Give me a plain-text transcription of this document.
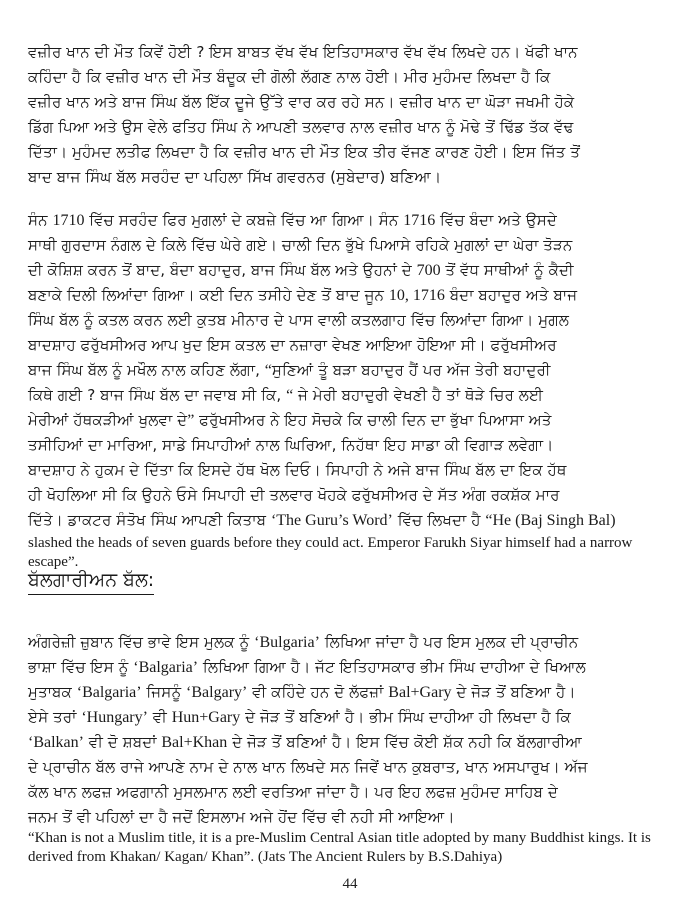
ਵਜ਼ੀਰ ਖਾਨ ਦੀ ਮੌਤ ਕਿਵੇਂ ਹੋਈ ? ਇਸ ਬਾਬਤ ਵੱਖ ਵੱਖ ਇਤਿਹਾਸਕਾਰ ਵੱਖ ਵੱਖ ਲਿਖਦੇ ਹਨ। ਖੱਫੀ ਖਾਨ
ਕਹਿੰਦਾ ਹੈ ਕਿ ਵਜ਼ੀਰ ਖਾਨ ਦੀ ਮੌਤ ਬੰਦੂਕ ਦੀ ਗੋਲੀ ਲੱਗਣ ਨਾਲ ਹੋਈ। ਮੀਰ ਮੁਹੰਮਦ ਲਿਖਦਾ ਹੈ ਕਿ
ਵਜ਼ੀਰ ਖਾਨ ਅਤੇ ਬਾਜ ਸਿੰਘ ਬੱਲ ਇੱਕ ਦੂਜੇ ਉੱਤੇ ਵਾਰ ਕਰ ਰਹੇ ਸਨ। ਵਜ਼ੀਰ ਖਾਨ ਦਾ ਘੋੜਾ ਜਖਮੀ ਹੋਕੇ
ਡਿੱਗ ਪਿਆ ਅਤੇ ਉਸ ਵੇਲੇ ਫਤਿਹ ਸਿੰਘ ਨੇ ਆਪਣੀ ਤਲਵਾਰ ਨਾਲ ਵਜ਼ੀਰ ਖਾਨ ਨੂੰ ਮੋਢੇ ਤੋਂ ਢਿੱਡ ਤੱਕ ਵੱਢ
ਦਿੱਤਾ। ਮੁਹੰਮਦ ਲਤੀਫ ਲਿਖਦਾ ਹੈ ਕਿ ਵਜ਼ੀਰ ਖਾਨ ਦੀ ਮੌਤ ਇਕ ਤੀਰ ਵੱਜਣ ਕਾਰਣ ਹੋਈ। ਇਸ ਜਿੱਤ ਤੋਂ
ਬਾਦ ਬਾਜ ਸਿੰਘ ਬੱਲ ਸਰਹੰਦ ਦਾ ਪਹਿਲਾ ਸਿੱਖ ਗਵਰਨਰ (ਸੁਬੇਦਾਰ) ਬਣਿਆ।
ਸੰਨ 1710 ਵਿੱਚ ਸਰਹੰਦ ਫਿਰ ਮੁਗਲਾਂ ਦੇ ਕਬਜ਼ੇ ਵਿੱਚ ਆ ਗਿਆ। ਸੰਨ 1716 ਵਿੱਚ ਬੰਦਾ ਅਤੇ ਉਸਦੇ
ਸਾਥੀ ਗੁਰਦਾਸ ਨੰਗਲ ਦੇ ਕਿਲੇ ਵਿੱਚ ਘੇਰੇ ਗਏ। ਚਾਲੀ ਦਿਨ ਭੁੱਖੇ ਪਿਆਸੇ ਰਹਿਕੇ ਮੁਗਲਾਂ ਦਾ ਘੇਰਾ ਤੋੜਨ
ਦੀ ਕੋਸ਼ਿਸ਼ ਕਰਨ ਤੋਂ ਬਾਦ, ਬੰਦਾ ਬਹਾਦੁਰ, ਬਾਜ ਸਿੰਘ ਬੱਲ ਅਤੇ ਉਹਨਾਂ ਦੇ 700 ਤੋਂ ਵੱਧ ਸਾਥੀਆਂ ਨੂੰ ਕੈਦੀ
ਬਣਾਕੇ ਦਿਲੀ ਲਿਆਂਦਾ ਗਿਆ। ਕਈ ਦਿਨ ਤਸੀਹੇ ਦੇਣ ਤੋਂ ਬਾਦ ਜੂਨ 10, 1716 ਬੰਦਾ ਬਹਾਦੁਰ ਅਤੇ ਬਾਜ
ਸਿੰਘ ਬੱਲ ਨੂੰ ਕਤਲ ਕਰਨ ਲਈ ਕੁਤਬ ਮੀਨਾਰ ਦੇ ਪਾਸ ਵਾਲੀ ਕਤਲਗਾਹ ਵਿੱਚ ਲਿਆਂਦਾ ਗਿਆ। ਮੁਗਲ
ਬਾਦਸ਼ਾਹ ਫਰੁੱਖਸੀਅਰ ਆਪ ਖੁਦ ਇਸ ਕਤਲ ਦਾ ਨਜ਼ਾਰਾ ਵੇਖਣ ਆਇਆ ਹੋਇਆ ਸੀ। ਫਰੁੱਖਸੀਅਰ
ਬਾਜ ਸਿੰਘ ਬੱਲ ਨੂੰ ਮਖੌਲ ਨਾਲ ਕਹਿਣ ਲੱਗਾ, “ਸੁਣਿਆਂ ਤੂੰ ਬੜਾ ਬਹਾਦੁਰ ਹੈਂ ਪਰ ਅੱਜ ਤੇਰੀ ਬਹਾਦੁਰੀ
ਕਿਥੇ ਗਈ ? ਬਾਜ ਸਿੰਘ ਬੱਲ ਦਾ ਜਵਾਬ ਸੀ ਕਿ, “ ਜੇ ਮੇਰੀ ਬਹਾਦੁਰੀ ਵੇਖਣੀ ਹੈ ਤਾਂ ਥੋੜੇ ਚਿਰ ਲਈ
ਮੇਰੀਆਂ ਹੱਥਕੜੀਆਂ ਖੁਲਵਾ ਦੇ” ਫਰੁੱਖਸੀਅਰ ਨੇ ਇਹ ਸੋਚਕੇ ਕਿ ਚਾਲੀ ਦਿਨ ਦਾ ਭੁੱਖਾ ਪਿਆਸਾ ਅਤੇ
ਤਸੀਹਿਆਂ ਦਾ ਮਾਰਿਆ, ਸਾਡੇ ਸਿਪਾਹੀਆਂ ਨਾਲ ਘਿਰਿਆ, ਨਿਹੱਥਾ ਇਹ ਸਾਡਾ ਕੀ ਵਿਗਾੜ ਲਵੇਗਾ।
ਬਾਦਸ਼ਾਹ ਨੇ ਹੁਕਮ ਦੇ ਦਿੱਤਾ ਕਿ ਇਸਦੇ ਹੱਥ ਖੋਲ ਦਿਓ। ਸਿਪਾਹੀ ਨੇ ਅਜੇ ਬਾਜ ਸਿੰਘ ਬੱਲ ਦਾ ਇਕ ਹੱਥ
ਹੀ ਖੋਹਲਿਆ ਸੀ ਕਿ ਉਹਨੇ ਓਸੇ ਸਿਪਾਹੀ ਦੀ ਤਲਵਾਰ ਖੋਹਕੇ ਫਰੁੱਖਸੀਅਰ ਦੇ ਸੱਤ ਅੰਗ ਰਕਸ਼ੱਕ ਮਾਰ
ਦਿੱਤੇ। ਡਾਕਟਰ ਸੰਤੋਖ ਸਿੰਘ ਆਪਣੀ ਕਿਤਾਬ ‘The Guru’s Word’ ਵਿੱਚ ਲਿਖਦਾ ਹੈ “He (Baj Singh Bal)
slashed the heads of seven guards before they could act. Emperor Farukh Siyar himself had a narrow
escape”.
ਬੱਲਗਾਰੀਅਨ ਬੱਲ:
ਅੰਗਰੇਜ਼ੀ ਜ਼ੁਬਾਨ ਵਿੱਚ ਭਾਵੇ ਇਸ ਮੁਲਕ ਨੂੰ ‘Bulgaria’ ਲਿਖਿਆ ਜਾਂਦਾ ਹੈ ਪਰ ਇਸ ਮੁਲਕ ਦੀ ਪ੍ਰਾਚੀਨ
ਭਾਸ਼ਾ ਵਿੱਚ ਇਸ ਨੂੰ ‘Balgaria’ ਲਿਖਿਆ ਗਿਆ ਹੈ। ਜੱਟ ਇਤਿਹਾਸਕਾਰ ਭੀਮ ਸਿੰਘ ਦਾਹੀਆ ਦੇ ਖਿਆਲ
ਮੁਤਾਬਕ ‘Balgaria’ ਜਿਸਨੂੰ ‘Balgary’ ਵੀ ਕਹਿੰਦੇ ਹਨ ਦੋ ਲੱਫਜ਼ਾਂ Bal+Gary ਦੇ ਜੋੜ ਤੋਂ ਬਣਿਆ ਹੈ।
ਏਸੇ ਤਰਾਂ ‘Hungary’ ਵੀ Hun+Gary ਦੇ ਜੋੜ ਤੋਂ ਬਣਿਆਂ ਹੈ। ਭੀਮ ਸਿੰਘ ਦਾਹੀਆ ਹੀ ਲਿਖਦਾ ਹੈ ਕਿ
‘Balkan’ ਵੀ ਦੋ ਸ਼ਬਦਾਂ Bal+Khan ਦੇ ਜੋੜ ਤੋਂ ਬਣਿਆਂ ਹੈ। ਇਸ ਵਿੱਚ ਕੋਈ ਸ਼ੱਕ ਨਹੀ ਕਿ ਬੱਲਗਾਰੀਆ
ਦੇ ਪ੍ਰਾਚੀਨ ਬੱਲ ਰਾਜੇ ਆਪਣੇ ਨਾਮ ਦੇ ਨਾਲ ਖਾਨ ਲਿਖਦੇ ਸਨ ਜਿਵੇਂ ਖਾਨ ਕੁਬਰਾਤ, ਖਾਨ ਅਸਪਾਰੁਖ। ਅੱਜ
ਕੱਲ ਖਾਨ ਲਫਜ਼ ਅਫਗਾਨੀ ਮੁਸਲਮਾਨ ਲਈ ਵਰਤਿਆ ਜਾਂਦਾ ਹੈ। ਪਰ ਇਹ ਲਫਜ਼ ਮੁਹੰਮਦ ਸਾਹਿਬ ਦੇ
ਜਨਮ ਤੋਂ ਵੀ ਪਹਿਲਾਂ ਦਾ ਹੈ ਜਦੋਂ ਇਸਲਾਮ ਅਜੇ ਹੋਂਦ ਵਿੱਚ ਵੀ ਨਹੀ ਸੀ ਆਇਆ।
“Khan is not a Muslim title, it is a pre-Muslim Central Asian title adopted by many Buddhist kings. It is
derived from Khakan/ Kagan/ Khan”. (Jats The Ancient Rulers by B.S.Dahiya)
44
